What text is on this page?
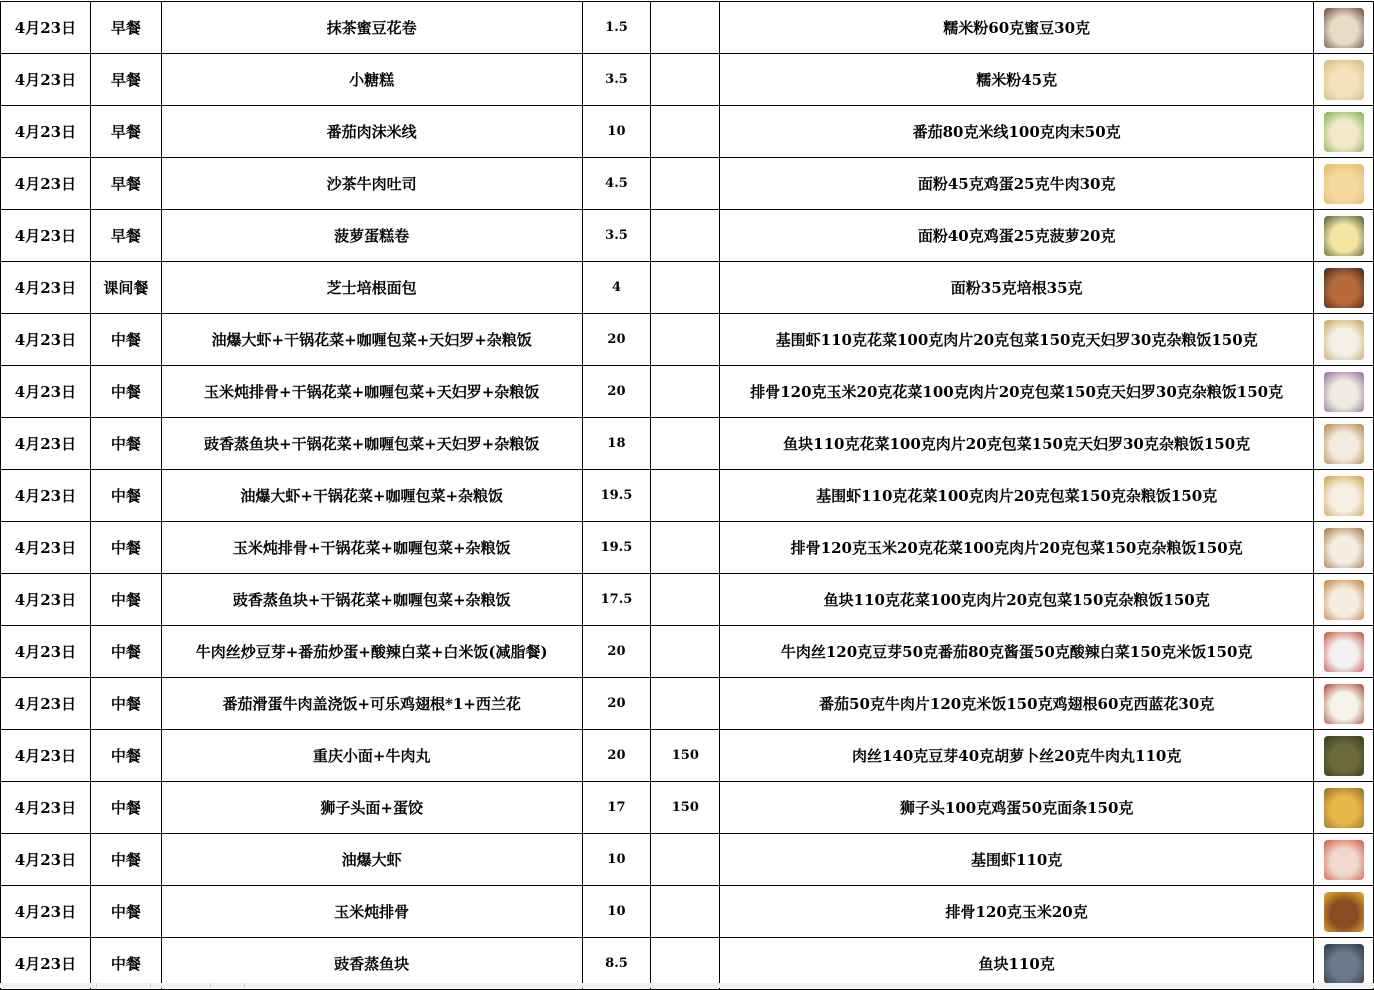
4月23日	早餐	抹茶蜜豆花卷	1.5		糯米粉60克蜜豆30克	

4月23日	早餐	小糖糕	3.5		糯米粉45克	

4月23日	早餐	番茄肉沫米线	10		番茄80克米线100克肉末50克	

4月23日	早餐	沙茶牛肉吐司	4.5		面粉45克鸡蛋25克牛肉30克	

4月23日	早餐	菠萝蛋糕卷	3.5		面粉40克鸡蛋25克菠萝20克	

4月23日	课间餐	芝士培根面包	4		面粉35克培根35克	

4月23日	中餐	油爆大虾+干锅花菜+咖喱包菜+天妇罗+杂粮饭	20		基围虾110克花菜100克肉片20克包菜150克天妇罗30克杂粮饭150克	

4月23日	中餐	玉米炖排骨+干锅花菜+咖喱包菜+天妇罗+杂粮饭	20		排骨120克玉米20克花菜100克肉片20克包菜150克天妇罗30克杂粮饭150克	

4月23日	中餐	豉香蒸鱼块+干锅花菜+咖喱包菜+天妇罗+杂粮饭	18		鱼块110克花菜100克肉片20克包菜150克天妇罗30克杂粮饭150克	

4月23日	中餐	油爆大虾+干锅花菜+咖喱包菜+杂粮饭	19.5		基围虾110克花菜100克肉片20克包菜150克杂粮饭150克	

4月23日	中餐	玉米炖排骨+干锅花菜+咖喱包菜+杂粮饭	19.5		排骨120克玉米20克花菜100克肉片20克包菜150克杂粮饭150克	

4月23日	中餐	豉香蒸鱼块+干锅花菜+咖喱包菜+杂粮饭	17.5		鱼块110克花菜100克肉片20克包菜150克杂粮饭150克	

4月23日	中餐	牛肉丝炒豆芽+番茄炒蛋+酸辣白菜+白米饭(减脂餐)	20		牛肉丝120克豆芽50克番茄80克酱蛋50克酸辣白菜150克米饭150克	

4月23日	中餐	番茄滑蛋牛肉盖浇饭+可乐鸡翅根*1+西兰花	20		番茄50克牛肉片120克米饭150克鸡翅根60克西蓝花30克	

4月23日	中餐	重庆小面+牛肉丸	20	150	肉丝140克豆芽40克胡萝卜丝20克牛肉丸110克	

4月23日	中餐	狮子头面+蛋饺	17	150	狮子头100克鸡蛋50克面条150克	

4月23日	中餐	油爆大虾	10		基围虾110克	

4月23日	中餐	玉米炖排骨	10		排骨120克玉米20克	

4月23日	中餐	豉香蒸鱼块	8.5		鱼块110克	
